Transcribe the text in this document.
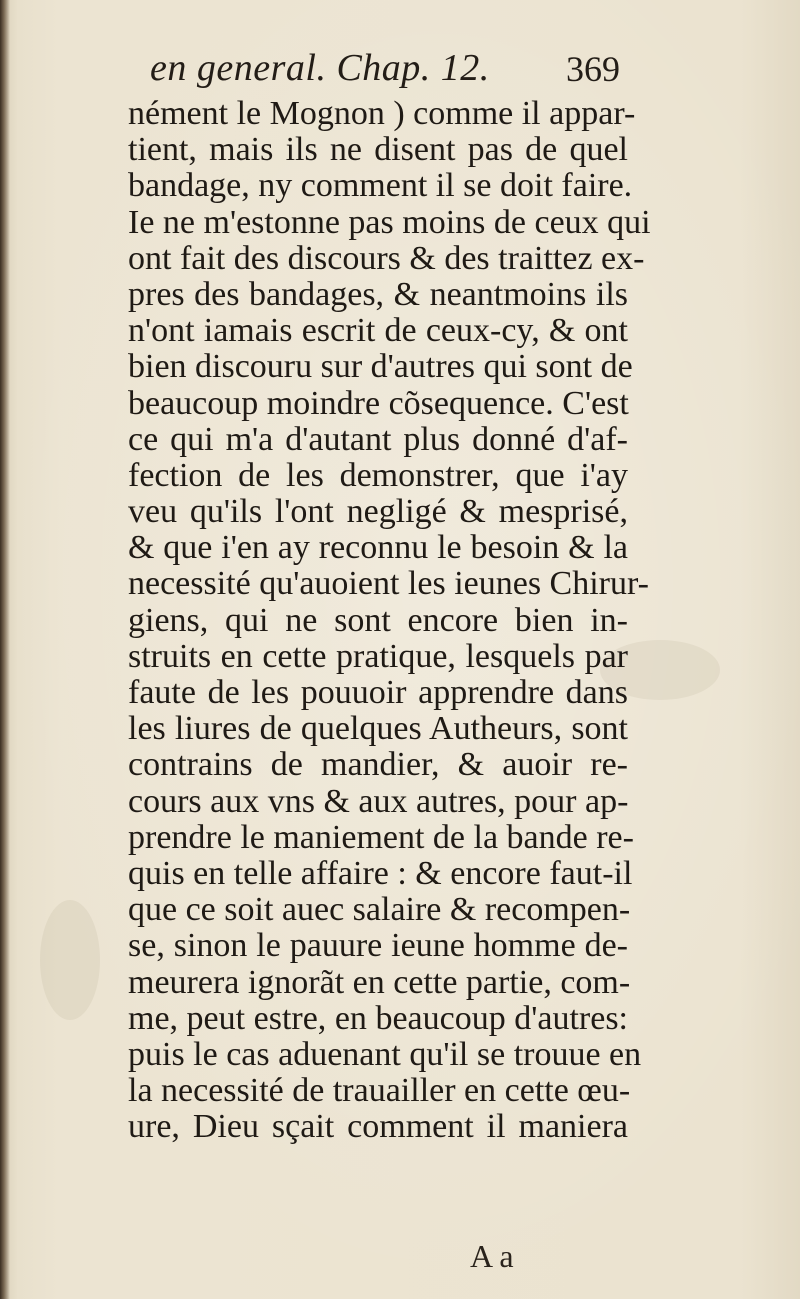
en general. Chap. 12. 369
nément le Mognon ) comme il appar-
tient, mais ils ne disent pas de quel
bandage, ny comment il se doit faire.
Ie ne m'estonne pas moins de ceux qui
ont fait des discours & des traittez ex-
pres des bandages, & neantmoins ils
n'ont iamais escrit de ceux-cy, & ont
bien discouru sur d'autres qui sont de
beaucoup moindre cõsequence. C'est
ce qui m'a d'autant plus donné d'af-
fection de les demonstrer, que i'ay
veu qu'ils l'ont negligé & mesprisé,
& que i'en ay reconnu le besoin & la
necessité qu'auoient les ieunes Chirur-
giens, qui ne sont encore bien in-
struits en cette pratique, lesquels par
faute de les pouuoir apprendre dans
les liures de quelques Autheurs, sont
contrains de mandier, & auoir re-
cours aux vns & aux autres, pour ap-
prendre le maniement de la bande re-
quis en telle affaire : & encore faut-il
que ce soit auec salaire & recompen-
se, sinon le pauure ieune homme de-
meurera ignorãt en cette partie, com-
me, peut estre, en beaucoup d'autres:
puis le cas aduenant qu'il se trouue en
la necessité de trauailler en cette œu-
ure, Dieu sçait comment il maniera
A a
